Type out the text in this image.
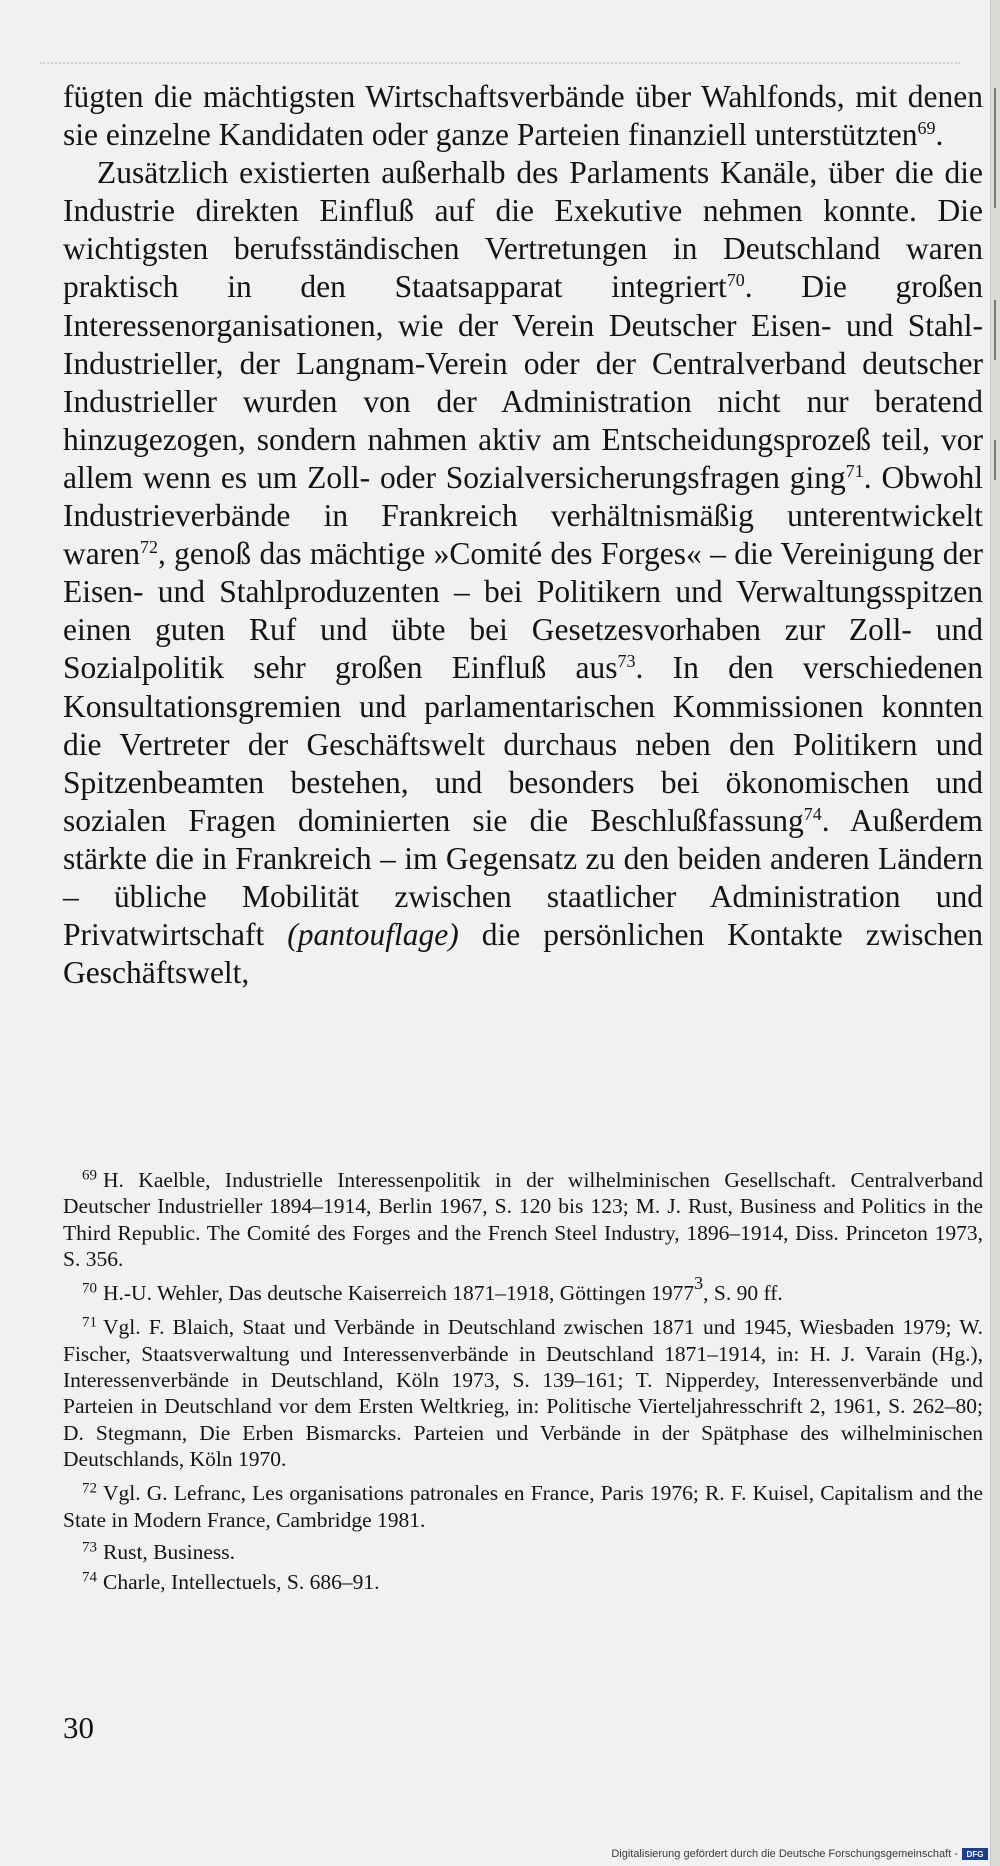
fügten die mächtigsten Wirtschaftsverbände über Wahlfonds, mit denen sie einzelne Kandidaten oder ganze Parteien finanziell unterstützten$^{69}$.

Zusätzlich existierten außerhalb des Parlaments Kanäle, über die die Industrie direkten Einfluß auf die Exekutive nehmen konnte. Die wichtigsten berufsständischen Vertretungen in Deutschland waren praktisch in den Staatsapparat integriert$^{70}$. Die großen Interessenorganisationen, wie der Verein Deutscher Eisen- und Stahl-Industrieller, der Langnam-Verein oder der Centralverband deutscher Industrieller wurden von der Administration nicht nur beratend hinzugezogen, sondern nahmen aktiv am Entscheidungsprozeß teil, vor allem wenn es um Zoll- oder Sozialversicherungsfragen ging$^{71}$. Obwohl Industrieverbände in Frankreich verhältnismäßig unterentwickelt waren$^{72}$, genoß das mächtige »Comité des Forges« – die Vereinigung der Eisen- und Stahlproduzenten – bei Politikern und Verwaltungsspitzen einen guten Ruf und übte bei Gesetzesvorhaben zur Zoll- und Sozialpolitik sehr großen Einfluß aus$^{73}$. In den verschiedenen Konsultationsgremien und parlamentarischen Kommissionen konnten die Vertreter der Geschäftswelt durchaus neben den Politikern und Spitzenbeamten bestehen, und besonders bei ökonomischen und sozialen Fragen dominierten sie die Beschlußfassung$^{74}$. Außerdem stärkte die in Frankreich – im Gegensatz zu den beiden anderen Ländern – übliche Mobilität zwischen staatlicher Administration und Privatwirtschaft (pantouflage) die persönlichen Kontakte zwischen Geschäftswelt,

$^{69}$ H. Kaelble, Industrielle Interessenpolitik in der wilhelminischen Gesellschaft. Centralverband Deutscher Industrieller 1894–1914, Berlin 1967, S. 120 bis 123; M. J. Rust, Business and Politics in the Third Republic. The Comité des Forges and the French Steel Industry, 1896–1914, Diss. Princeton 1973, S. 356.

$^{70}$ H.-U. Wehler, Das deutsche Kaiserreich 1871–1918, Göttingen 1977$^3$, S. 90 ff.

$^{71}$ Vgl. F. Blaich, Staat und Verbände in Deutschland zwischen 1871 und 1945, Wiesbaden 1979; W. Fischer, Staatsverwaltung und Interessenverbände in Deutschland 1871–1914, in: H. J. Varain (Hg.), Interessenverbände in Deutschland, Köln 1973, S. 139–161; T. Nipperdey, Interessenverbände und Parteien in Deutschland vor dem Ersten Weltkrieg, in: Politische Vierteljahresschrift 2, 1961, S. 262–80; D. Stegmann, Die Erben Bismarcks. Parteien und Verbände in der Spätphase des wilhelminischen Deutschlands, Köln 1970.

$^{72}$ Vgl. G. Lefranc, Les organisations patronales en France, Paris 1976; R. F. Kuisel, Capitalism and the State in Modern France, Cambridge 1981.

$^{73}$ Rust, Business.

$^{74}$ Charle, Intellectuels, S. 686–91.

30
Digitalisierung gefördert durch die Deutsche Forschungsgemeinschaft -	DFG
